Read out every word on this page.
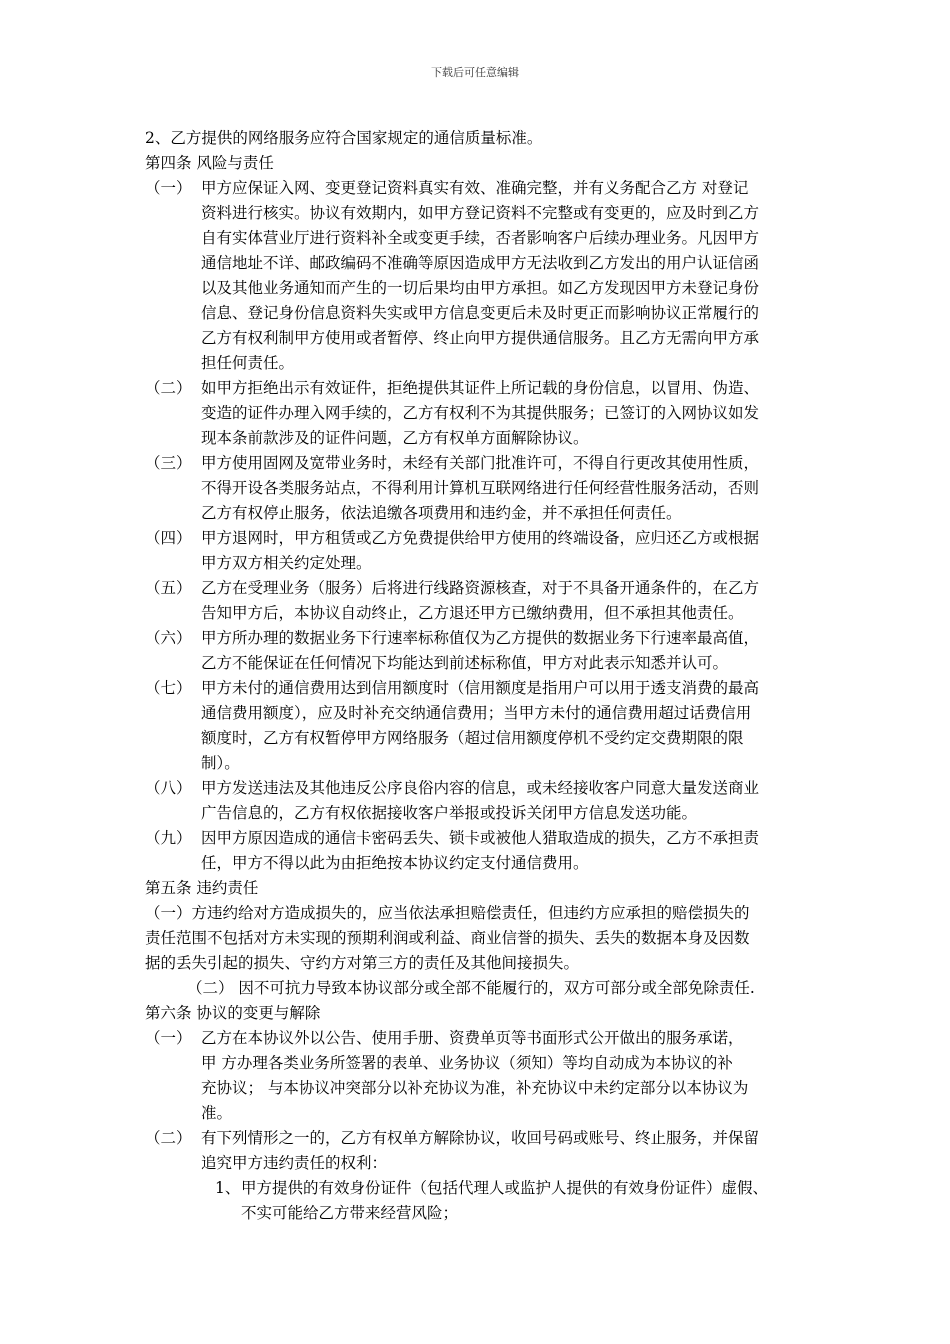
下载后可任意编辑
2、乙方提供的网络服务应符合国家规定的通信质量标准。
第四条 风险与责任
（一） 甲方应保证入网、变更登记资料真实有效、准确完整，并有义务配合乙方 对登记
资料进行核实。协议有效期内，如甲方登记资料不完整或有变更的，应及时到乙方
自有实体营业厅进行资料补全或变更手续，否者影响客户后续办理业务。凡因甲方
通信地址不详、邮政编码不准确等原因造成甲方无法收到乙方发出的用户认证信函
以及其他业务通知而产生的一切后果均由甲方承担。如乙方发现因甲方未登记身份
信息、登记身份信息资料失实或甲方信息变更后未及时更正而影响协议正常履行的
乙方有权利制甲方使用或者暂停、终止向甲方提供通信服务。且乙方无需向甲方承
担任何责任。
（二） 如甲方拒绝出示有效证件，拒绝提供其证件上所记载的身份信息，以冒用、伪造、
变造的证件办理入网手续的，乙方有权利不为其提供服务；已签订的入网协议如发
现本条前款涉及的证件问题，乙方有权单方面解除协议。
（三） 甲方使用固网及宽带业务时，未经有关部门批准许可，不得自行更改其使用性质，
不得开设各类服务站点，不得利用计算机互联网络进行任何经营性服务活动，否则
乙方有权停止服务，依法追缴各项费用和违约金，并不承担任何责任。
（四） 甲方退网时，甲方租赁或乙方免费提供给甲方使用的终端设备，应归还乙方或根据
甲方双方相关约定处理。
（五） 乙方在受理业务（服务）后将进行线路资源核查，对于不具备开通条件的，在乙方
告知甲方后，本协议自动终止，乙方退还甲方已缴纳费用，但不承担其他责任。
（六） 甲方所办理的数据业务下行速率标称值仅为乙方提供的数据业务下行速率最高值，
乙方不能保证在任何情况下均能达到前述标称值，甲方对此表示知悉并认可。
（七） 甲方未付的通信费用达到信用额度时（信用额度是指用户可以用于透支消费的最高
通信费用额度），应及时补充交纳通信费用；当甲方未付的通信费用超过话费信用
额度时，乙方有权暂停甲方网络服务（超过信用额度停机不受约定交费期限的限
制）。
（八） 甲方发送违法及其他违反公序良俗内容的信息，或未经接收客户同意大量发送商业
广告信息的，乙方有权依据接收客户举报或投诉关闭甲方信息发送功能。
（九） 因甲方原因造成的通信卡密码丢失、锁卡或被他人猎取造成的损失，乙方不承担责
任，甲方不得以此为由拒绝按本协议约定支付通信费用。
第五条 违约责任
（一）方违约给对方造成损失的，应当依法承担赔偿责任，但违约方应承担的赔偿损失的
责任范围不包括对方未实现的预期利润或利益、商业信誉的损失、丢失的数据本身及因数
据的丢失引起的损失、守约方对第三方的责任及其他间接损失。
（二） 因不可抗力导致本协议部分或全部不能履行的，双方可部分或全部免除责任.
第六条 协议的变更与解除
（一） 乙方在本协议外以公告、使用手册、资费单页等书面形式公开做出的服务承诺，
甲 方办理各类业务所签署的表单、业务协议（须知）等均自动成为本协议的补
充协议； 与本协议冲突部分以补充协议为准，补充协议中未约定部分以本协议为
准。
（二） 有下列情形之一的，乙方有权单方解除协议，收回号码或账号、终止服务，并保留
追究甲方违约责任的权利：
1、 甲方提供的有效身份证件（包括代理人或监护人提供的有效身份证件）虚假、
不实可能给乙方带来经营风险；
